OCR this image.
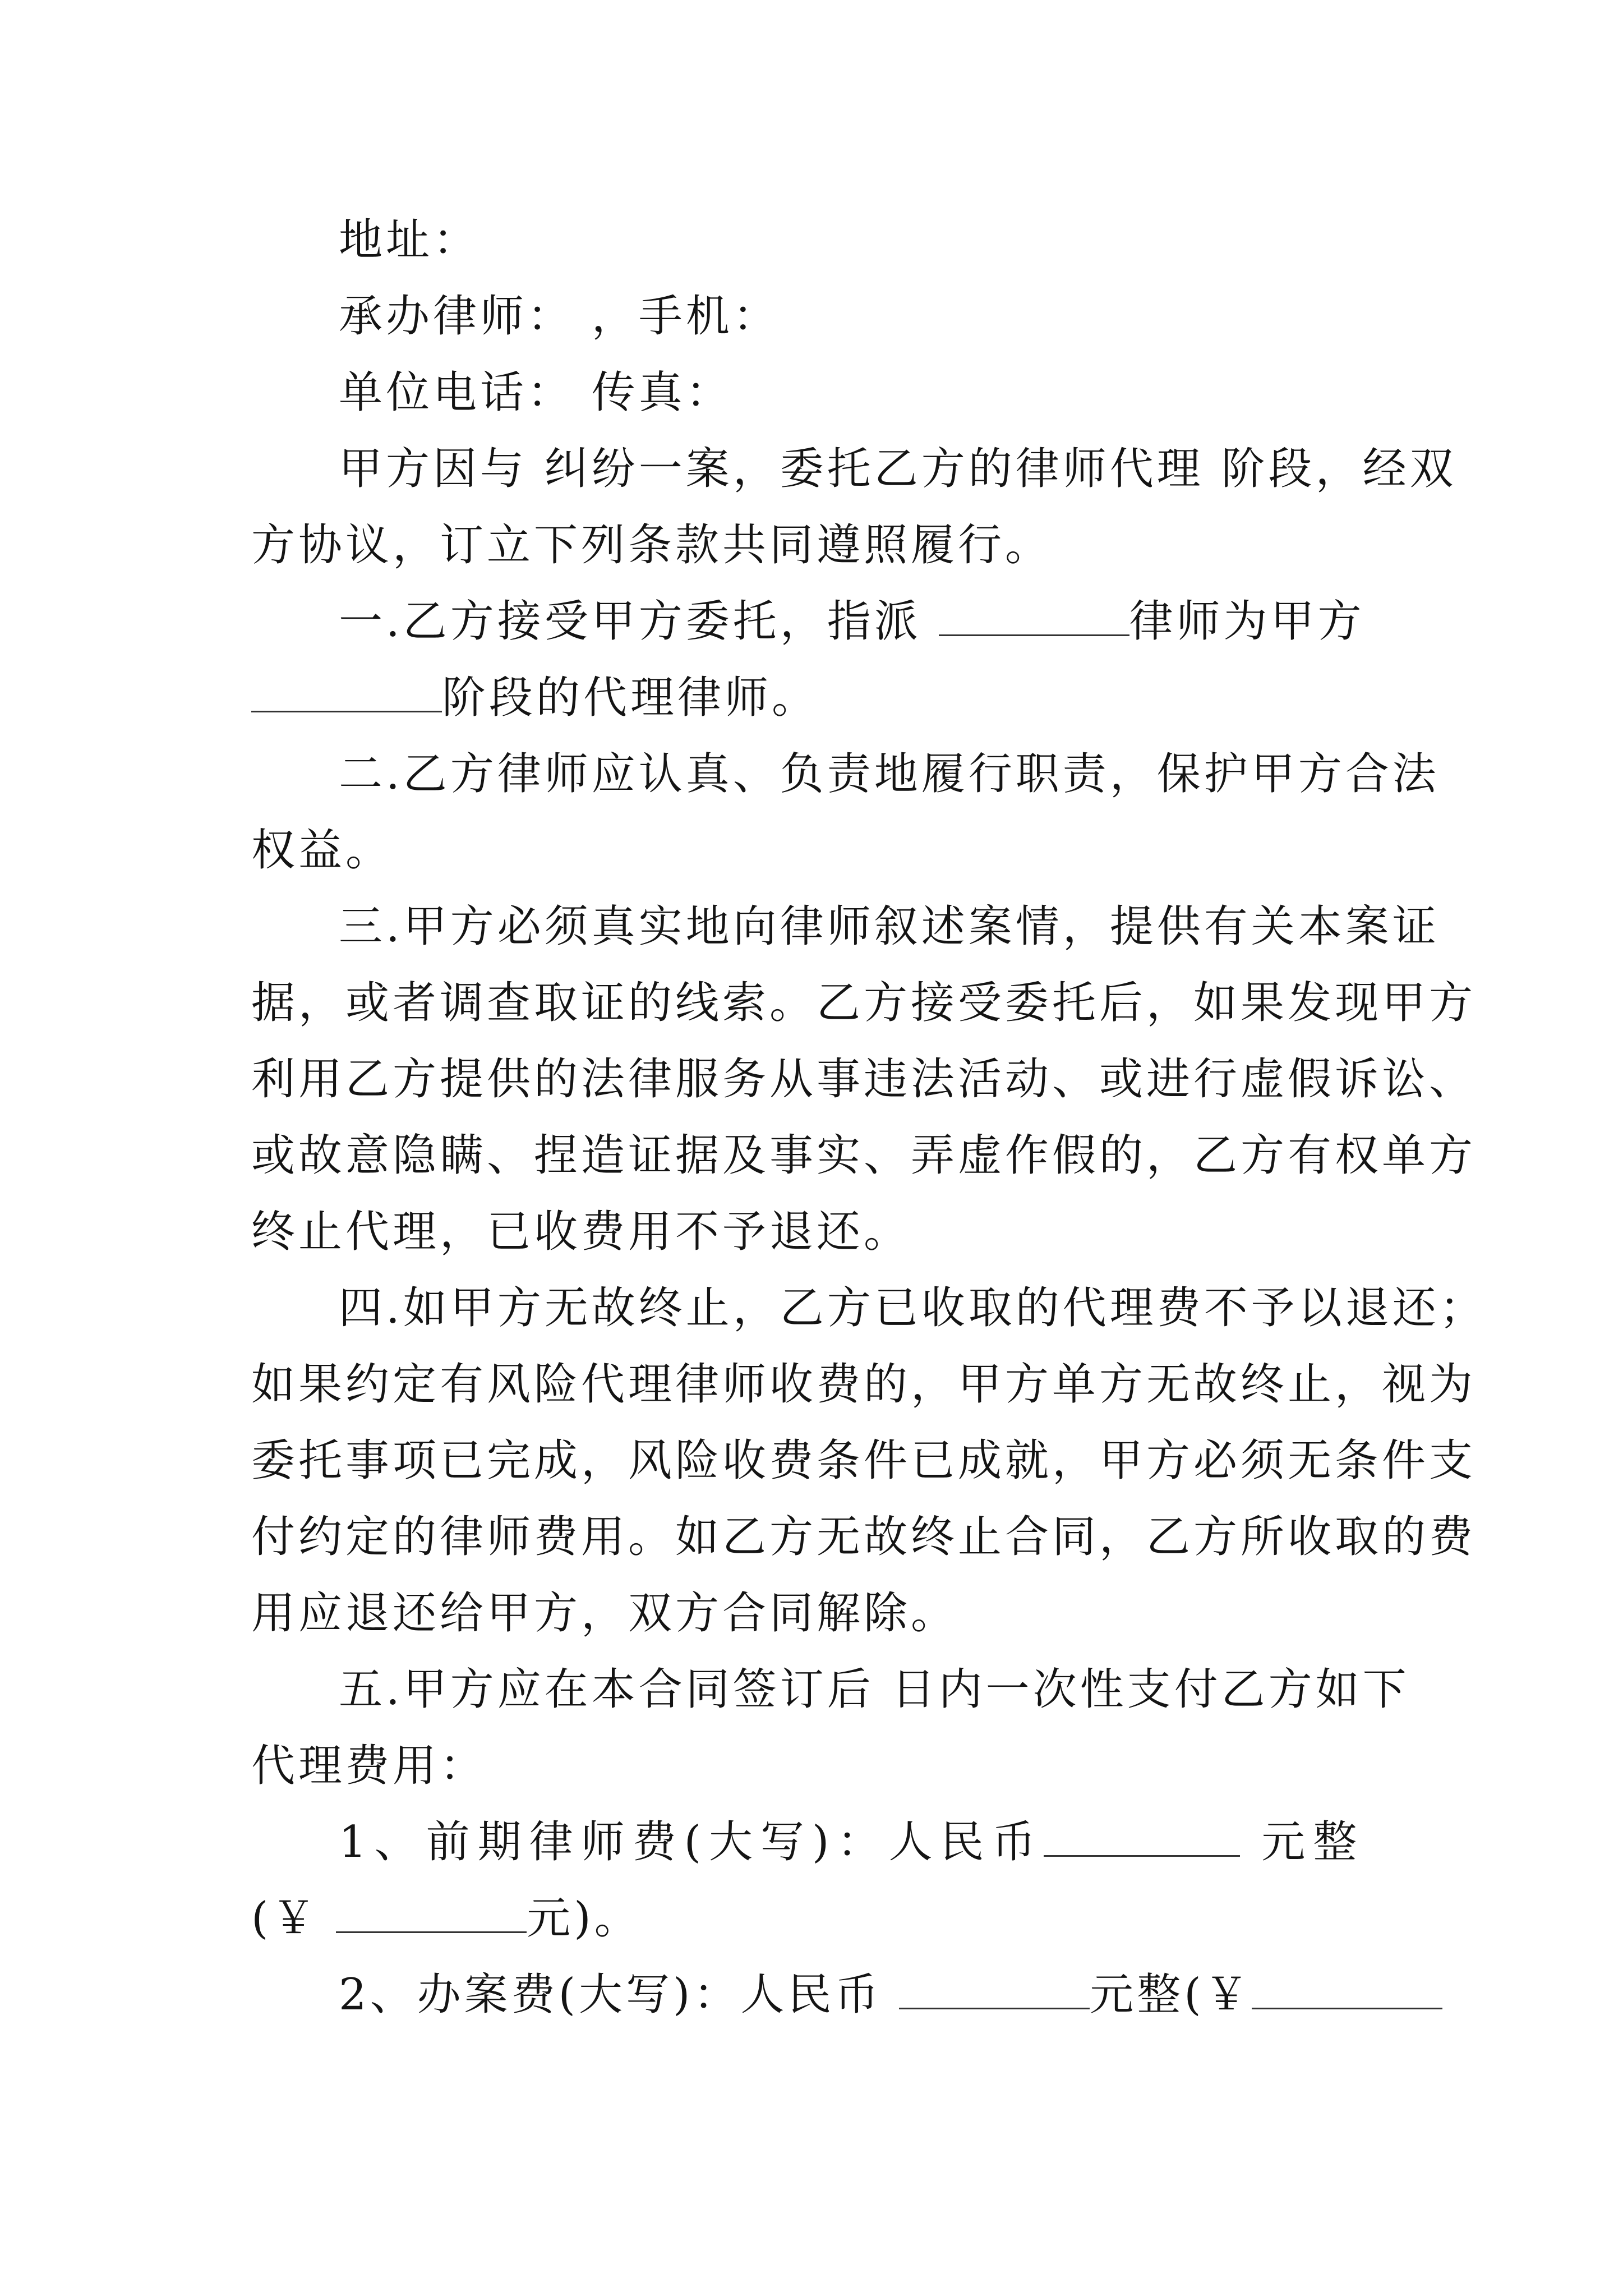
地址：
承办律师： ，手机：
单位电话： 传真：
甲方因与 纠纷一案，委托乙方的律师代理 阶段，经双
方协议，订立下列条款共同遵照履行。
一.乙方接受甲方委托，指派	律师为甲方
阶段的代理律师。
二.乙方律师应认真、负责地履行职责，保护甲方合法
权益。
三.甲方必须真实地向律师叙述案情，提供有关本案证
据，或者调查取证的线索。乙方接受委托后，如果发现甲方
利用乙方提供的法律服务从事违法活动、或进行虚假诉讼、
或故意隐瞒、捏造证据及事实、弄虚作假的，乙方有权单方
终止代理，已收费用不予退还。
四.如甲方无故终止，乙方已收取的代理费不予以退还；
如果约定有风险代理律师收费的，甲方单方无故终止，视为
委托事项已完成，风险收费条件已成就，甲方必须无条件支
付约定的律师费用。如乙方无故终止合同，乙方所收取的费
用应退还给甲方，双方合同解除。
五.甲方应在本合同签订后 日内一次性支付乙方如下
代理费用：
1、前期律师费(大写)：人民币	元整
(￥	元)。
2、办案费(大写)：人民币	元整(￥
